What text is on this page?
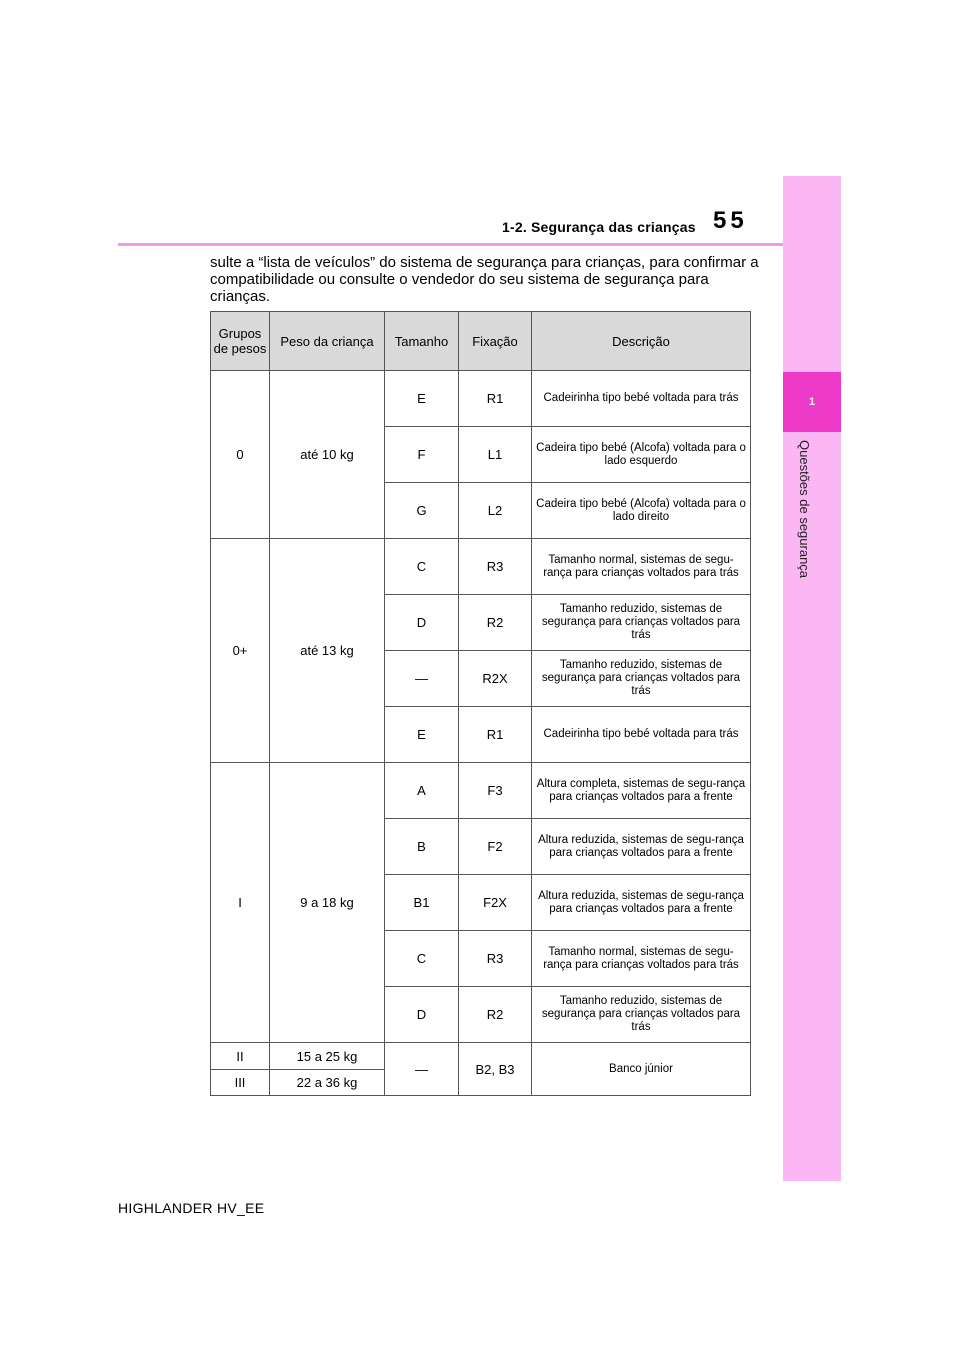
1
Questões de segurança
1-2. Segurança das crianças 55

sulte a “lista de veículos” do sistema de segurança para crianças, para confirmar a compatibilidade ou consulte o vendedor do seu sistema de segurança para crianças.

Grupos de pesos	Peso da criança	Tamanho	Fixação	Descrição
0	até 10 kg	E	R1	Cadeirinha tipo bebé voltada para trás
		F	L1	Cadeira tipo bebé (Alcofa) voltada para o lado esquerdo
		G	L2	Cadeira tipo bebé (Alcofa) voltada para o lado direito
0+	até 13 kg	C	R3	Tamanho normal, sistemas de segu-rança para crianças voltados para trás
		D	R2	Tamanho reduzido, sistemas de segurança para crianças voltados para trás
		—	R2X	Tamanho reduzido, sistemas de segurança para crianças voltados para trás
		E	R1	Cadeirinha tipo bebé voltada para trás
I	9 a 18 kg	A	F3	Altura completa, sistemas de segu-rança para crianças voltados para a frente
		B	F2	Altura reduzida, sistemas de segu-rança para crianças voltados para a frente
		B1	F2X	Altura reduzida, sistemas de segu-rança para crianças voltados para a frente
		C	R3	Tamanho normal, sistemas de segu-rança para crianças voltados para trás
		D	R2	Tamanho reduzido, sistemas de segurança para crianças voltados para trás
II	15 a 25 kg	—	B2, B3	Banco júnior
III	22 a 36 kg			
HIGHLANDER HV_EE
